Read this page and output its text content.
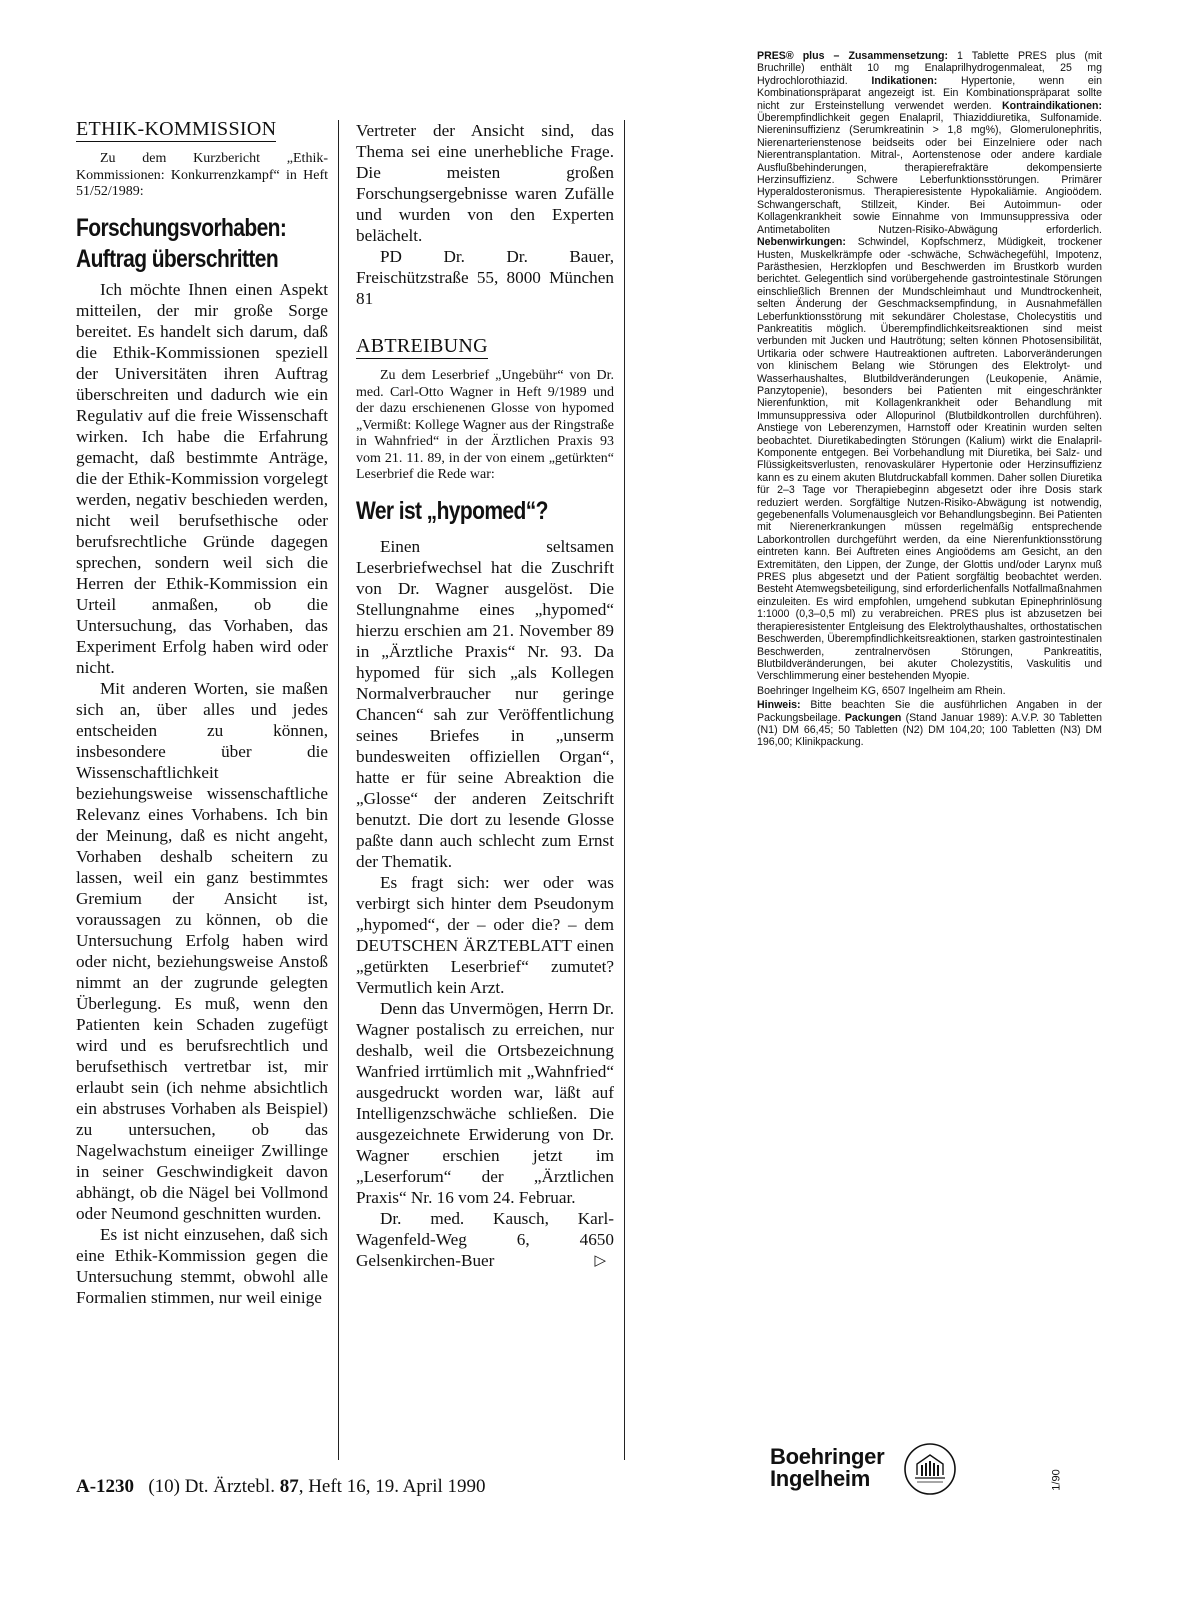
ETHIK-KOMMISSION

Zu dem Kurzbericht „Ethik-Kommissionen: Konkurrenzkampf“ in Heft 51/52/1989:

Forschungsvorhaben: Auftrag überschritten

Ich möchte Ihnen einen Aspekt mitteilen, der mir große Sorge bereitet. Es handelt sich darum, daß die Ethik-Kommissionen speziell der Universitäten ihren Auftrag überschreiten und dadurch wie ein Regulativ auf die freie Wissenschaft wirken. Ich habe die Erfahrung gemacht, daß bestimmte Anträge, die der Ethik-Kommission vorgelegt werden, negativ beschieden werden, nicht weil berufsethische oder berufsrechtliche Gründe dagegen sprechen, sondern weil sich die Herren der Ethik-Kommission ein Urteil anmaßen, ob die Untersuchung, das Vorhaben, das Experiment Erfolg haben wird oder nicht.

Mit anderen Worten, sie maßen sich an, über alles und jedes entscheiden zu können, insbesondere über die Wissenschaftlichkeit beziehungsweise wissenschaftliche Relevanz eines Vorhabens. Ich bin der Meinung, daß es nicht angeht, Vorhaben deshalb scheitern zu lassen, weil ein ganz bestimmtes Gremium der Ansicht ist, voraussagen zu können, ob die Untersuchung Erfolg haben wird oder nicht, beziehungsweise Anstoß nimmt an der zugrunde gelegten Überlegung. Es muß, wenn den Patienten kein Schaden zugefügt wird und es berufsrechtlich und berufsethisch vertretbar ist, mir erlaubt sein (ich nehme absichtlich ein abstruses Vorhaben als Beispiel) zu untersuchen, ob das Nagelwachstum eineiiger Zwillinge in seiner Geschwindigkeit davon abhängt, ob die Nägel bei Vollmond oder Neumond geschnitten wurden.

Es ist nicht einzusehen, daß sich eine Ethik-Kommission gegen die Untersuchung stemmt, obwohl alle Formalien stimmen, nur weil einige

Vertreter der Ansicht sind, das Thema sei eine unerhebliche Frage. Die meisten großen Forschungsergebnisse waren Zufälle und wurden von den Experten belächelt.

PD Dr. Dr. Bauer, Freischützstraße 55, 8000 München 81

ABTREIBUNG

Zu dem Leserbrief „Ungebühr“ von Dr. med. Carl-Otto Wagner in Heft 9/1989 und der dazu erschienenen Glosse von hypomed „Vermißt: Kollege Wagner aus der Ringstraße in Wahnfried“ in der Ärztlichen Praxis 93 vom 21. 11. 89, in der von einem „getürkten“ Leserbrief die Rede war:

Wer ist „hypomed“?

Einen seltsamen Leserbriefwechsel hat die Zuschrift von Dr. Wagner ausgelöst. Die Stellungnahme eines „hypomed“ hierzu erschien am 21. November 89 in „Ärztliche Praxis“ Nr. 93. Da hypomed für sich „als Kollegen Normalverbraucher nur geringe Chancen“ sah zur Veröffentlichung seines Briefes in „unserm bundesweiten offiziellen Organ“, hatte er für seine Abreaktion die „Glosse“ der anderen Zeitschrift benutzt. Die dort zu lesende Glosse paßte dann auch schlecht zum Ernst der Thematik.

Es fragt sich: wer oder was verbirgt sich hinter dem Pseudonym „hypomed“, der – oder die? – dem DEUTSCHEN ÄRZTEBLATT einen „getürkten Leserbrief“ zumutet? Vermutlich kein Arzt.

Denn das Unvermögen, Herrn Dr. Wagner postalisch zu erreichen, nur deshalb, weil die Ortsbezeichnung Wanfried irrtümlich mit „Wahnfried“ ausgedruckt worden war, läßt auf Intelligenzschwäche schließen. Die ausgezeichnete Erwiderung von Dr. Wagner erschien jetzt im „Leserforum“ der „Ärztlichen Praxis“ Nr. 16 vom 24. Februar.

Dr. med. Kausch, Karl-Wagenfeld-Weg 6, 4650 Gelsenkirchen-Buer	▷

PRES® plus – Zusammensetzung: 1 Tablette PRES plus (mit Bruchrille) enthält 10 mg Enalaprilhydrogenmaleat, 25 mg Hydrochlorothiazid. Indikationen: Hypertonie, wenn ein Kombinationspräparat angezeigt ist. Ein Kombinationspräparat sollte nicht zur Ersteinstellung verwendet werden. Kontraindikationen: Überempfindlichkeit gegen Enalapril, Thiaziddiuretika, Sulfonamide. Niereninsuffizienz (Serumkreatinin > 1,8 mg%), Glomerulonephritis, Nierenarterienstenose beidseits oder bei Einzelniere oder nach Nierentransplantation. Mitral-, Aortenstenose oder andere kardiale Ausflußbehinderungen, therapierefraktäre dekompensierte Herzinsuffizienz. Schwere Leberfunktionsstörungen. Primärer Hyperaldosteronismus. Therapieresistente Hypokaliämie. Angioödem. Schwangerschaft, Stillzeit, Kinder. Bei Autoimmun- oder Kollagenkrankheit sowie Einnahme von Immunsuppressiva oder Antimetaboliten Nutzen-Risiko-Abwägung erforderlich. Nebenwirkungen: Schwindel, Kopfschmerz, Müdigkeit, trockener Husten, Muskelkrämpfe oder -schwäche, Schwächegefühl, Impotenz, Parästhesien, Herzklopfen und Beschwerden im Brustkorb wurden berichtet. Gelegentlich sind vorübergehende gastrointestinale Störungen einschließlich Brennen der Mundschleimhaut und Mundtrockenheit, selten Änderung der Geschmacksempfindung, in Ausnahmefällen Leberfunktionsstörung mit sekundärer Cholestase, Cholecystitis und Pankreatitis möglich. Überempfindlichkeitsreaktionen sind meist verbunden mit Jucken und Hautrötung; selten können Photosensibilität, Urtikaria oder schwere Hautreaktionen auftreten. Laborveränderungen von klinischem Belang wie Störungen des Elektrolyt- und Wasserhaushaltes, Blutbildveränderungen (Leukopenie, Anämie, Panzytopenie), besonders bei Patienten mit eingeschränkter Nierenfunktion, mit Kollagenkrankheit oder Behandlung mit Immunsuppressiva oder Allopurinol (Blutbildkontrollen durchführen). Anstiege von Leberenzymen, Harnstoff oder Kreatinin wurden selten beobachtet. Diuretikabedingten Störungen (Kalium) wirkt die Enalapril-Komponente entgegen. Bei Vorbehandlung mit Diuretika, bei Salz- und Flüssigkeitsverlusten, renovaskulärer Hypertonie oder Herzinsuffizienz kann es zu einem akuten Blutdruckabfall kommen. Daher sollen Diuretika für 2–3 Tage vor Therapiebeginn abgesetzt oder ihre Dosis stark reduziert werden. Sorgfältige Nutzen-Risiko-Abwägung ist notwendig, gegebenenfalls Volumenausgleich vor Behandlungsbeginn. Bei Patienten mit Nierenerkrankungen müssen regelmäßig entsprechende Laborkontrollen durchgeführt werden, da eine Nierenfunktionsstörung eintreten kann. Bei Auftreten eines Angioödems am Gesicht, an den Extremitäten, den Lippen, der Zunge, der Glottis und/oder Larynx muß PRES plus abgesetzt und der Patient sorgfältig beobachtet werden. Besteht Atemwegsbeteiligung, sind erforderlichenfalls Notfallmaßnahmen einzuleiten. Es wird empfohlen, umgehend subkutan Epinephrinlösung 1:1000 (0,3–0,5 ml) zu verabreichen. PRES plus ist abzusetzen bei therapieresistenter Entgleisung des Elektrolythaushaltes, orthostatischen Beschwerden, Überempfindlichkeitsreaktionen, starken gastrointestinalen Beschwerden, zentralnervösen Störungen, Pankreatitis, Blutbildveränderungen, bei akuter Cholezystitis, Vaskulitis und Verschlimmerung einer bestehenden Myopie.

Boehringer Ingelheim KG, 6507 Ingelheim am Rhein.

Hinweis: Bitte beachten Sie die ausführlichen Angaben in der Packungsbeilage. Packungen (Stand Januar 1989): A.V.P. 30 Tabletten (N1) DM 66,45; 50 Tabletten (N2) DM 104,20; 100 Tabletten (N3) DM 196,00; Klinikpackung.

A-1230 (10) Dt. Ärztebl. 87, Heft 16, 19. April 1990
Boehringer
Ingelheim	1/90
